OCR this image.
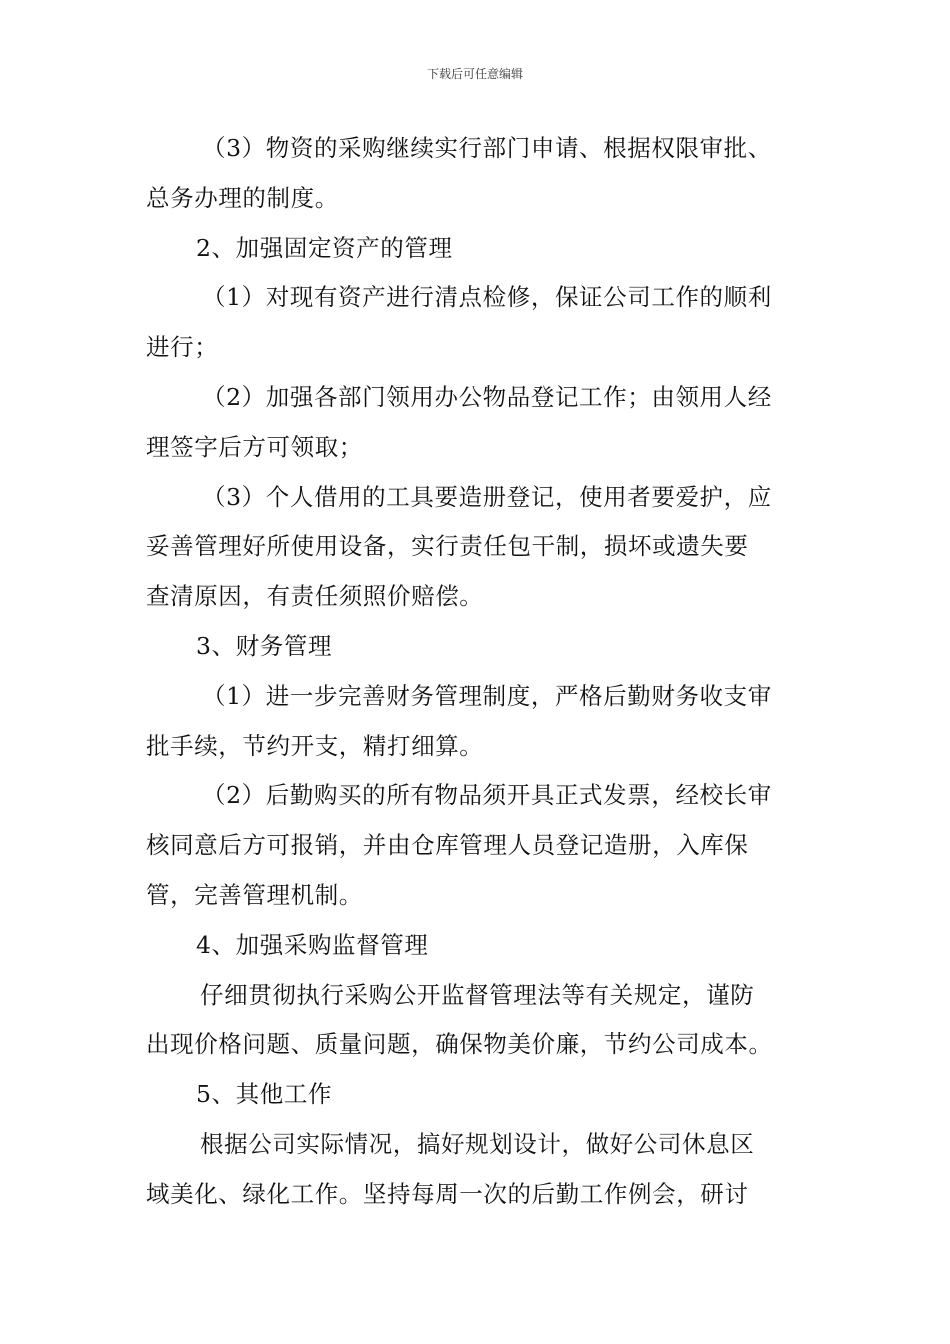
下载后可任意编辑
（3）物资的采购继续实行部门申请、根据权限审批、
总务办理的制度。
2、加强固定资产的管理
（1）对现有资产进行清点检修，保证公司工作的顺利
进行；
（2）加强各部门领用办公物品登记工作；由领用人经
理签字后方可领取；
（3）个人借用的工具要造册登记，使用者要爱护，应
妥善管理好所使用设备，实行责任包干制，损坏或遗失要
查清原因，有责任须照价赔偿。
3、财务管理
（1）进一步完善财务管理制度，严格后勤财务收支审
批手续，节约开支，精打细算。
（2）后勤购买的所有物品须开具正式发票，经校长审
核同意后方可报销，并由仓库管理人员登记造册，入库保
管，完善管理机制。
4、加强采购监督管理
仔细贯彻执行采购公开监督管理法等有关规定，谨防
出现价格问题、质量问题，确保物美价廉，节约公司成本。
5、其他工作
根据公司实际情况，搞好规划设计，做好公司休息区
域美化、绿化工作。坚持每周一次的后勤工作例会，研讨
